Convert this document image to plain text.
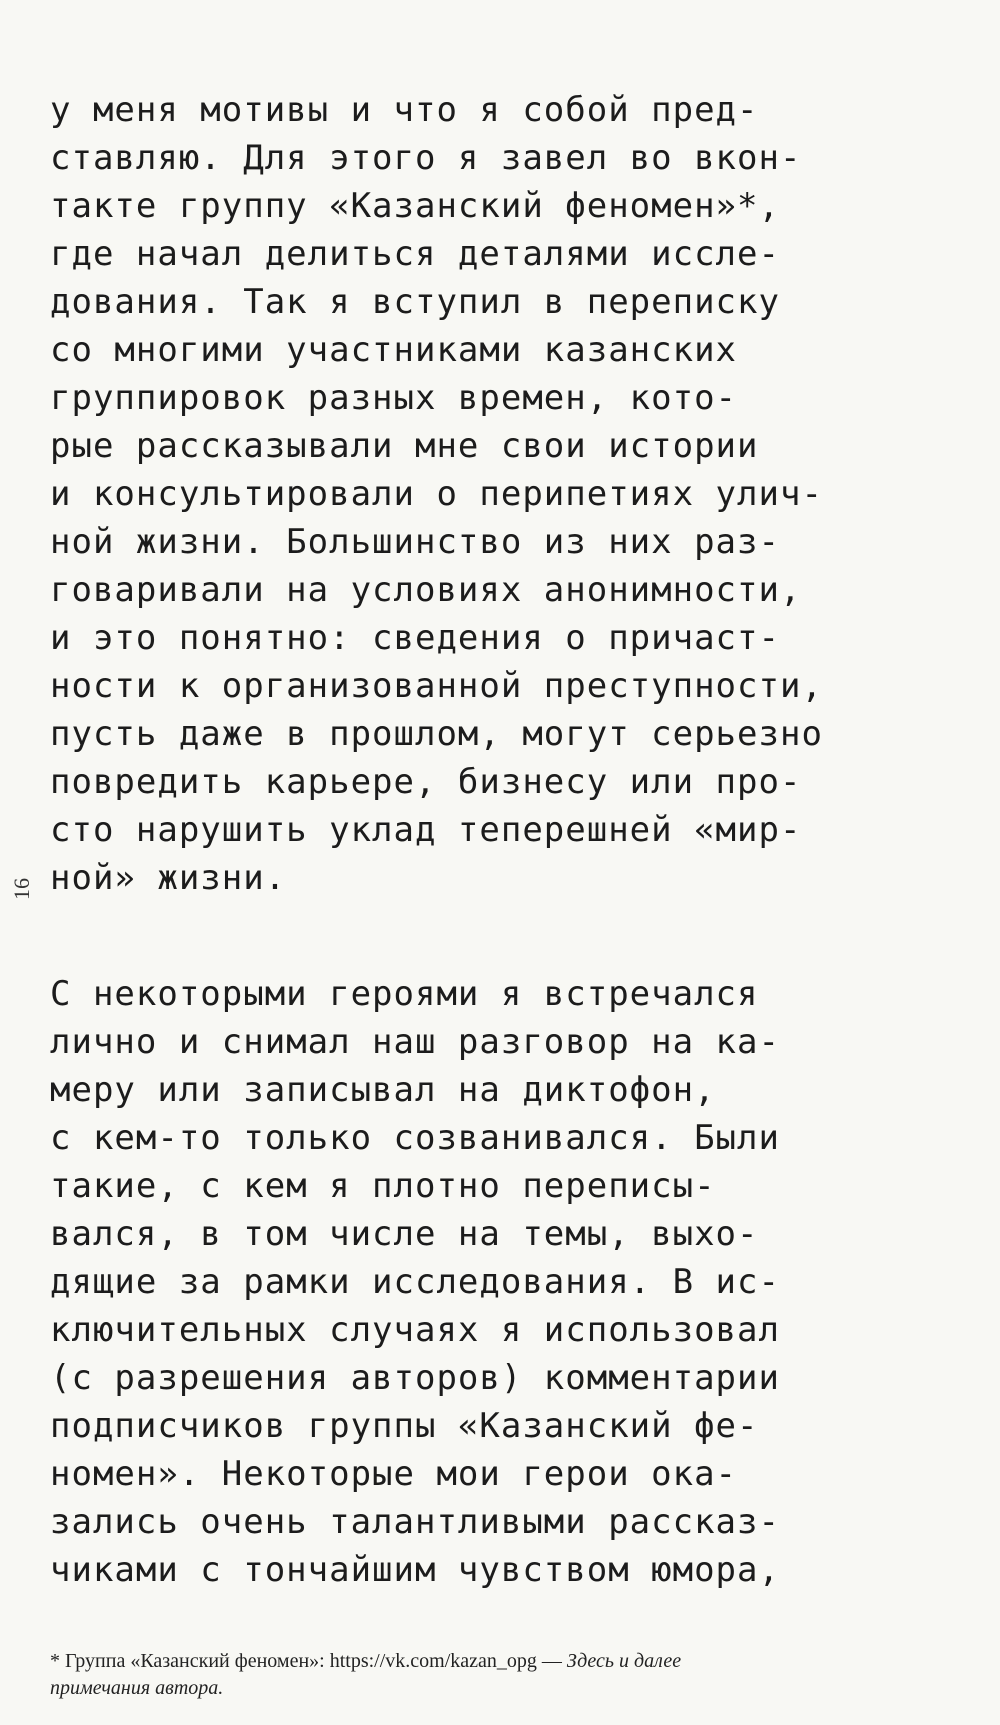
у меня мотивы и что я собой пред-
ставляю. Для этого я завел во вкон-
такте группу «Казанский феномен»*,
где начал делиться деталями иссле-
дования. Так я вступил в переписку
со многими участниками казанских
группировок разных времен, кото-
рые рассказывали мне свои истории
и консультировали о перипетиях улич-
ной жизни. Большинство из них раз-
говаривали на условиях анонимности,
и это понятно: сведения о причаст-
ности к организованной преступности,
пусть даже в прошлом, могут серьезно
повредить карьере, бизнесу или про-
сто нарушить уклад теперешней «мир-
ной» жизни.
16
С некоторыми героями я встречался
лично и снимал наш разговор на ка-
меру или записывал на диктофон,
с кем-то только созванивался. Были
такие, с кем я плотно переписы-
вался, в том числе на темы, выхо-
дящие за рамки исследования. В ис-
ключительных случаях я использовал
(с разрешения авторов) комментарии
подписчиков группы «Казанский фе-
номен». Некоторые мои герои ока-
зались очень талантливыми рассказ-
чиками с тончайшим чувством юмора,
* Группа «Казанский феномен»: https://vk.com/kazan_opg — Здесь и далее
примечания автора.
